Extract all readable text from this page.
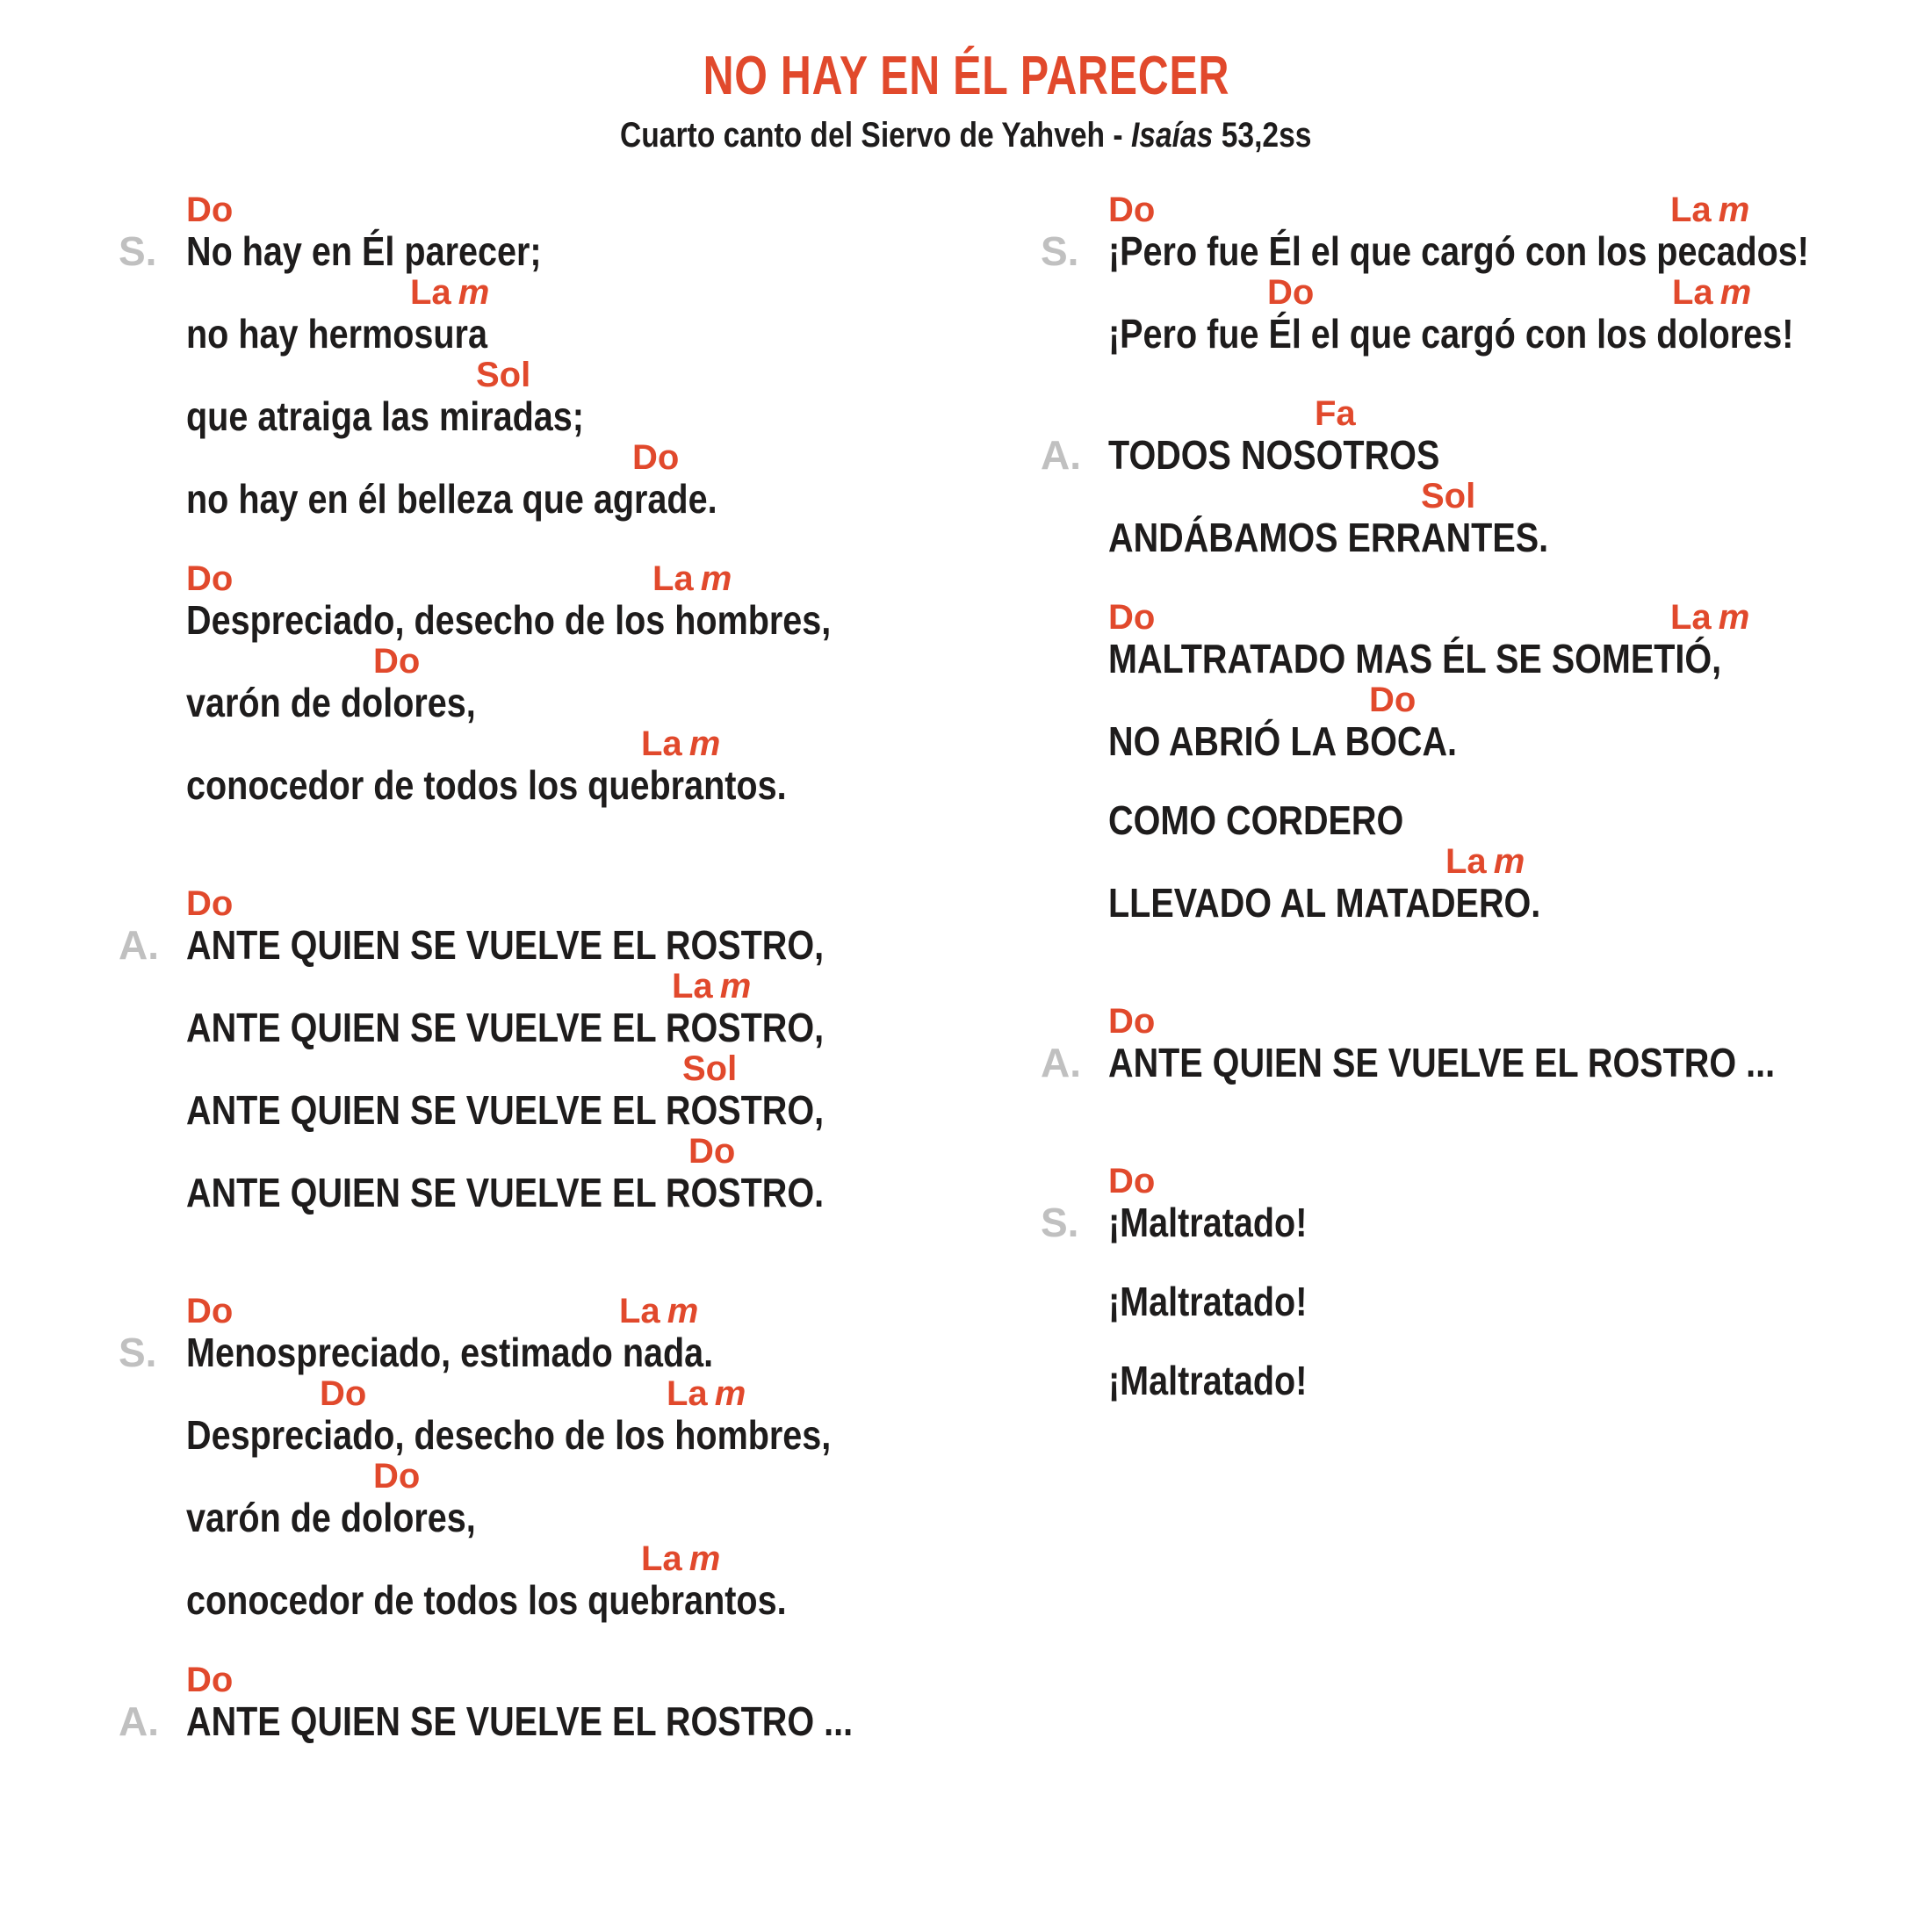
NO HAY EN ÉL PARECER

Cuarto canto del Siervo de Yahveh - Isaías 53,2ss

Do
S. No hay en Él parecer;
La m
no hay hermosura
Sol
que atraiga las miradas;
Do
no hay en él belleza que agrade.
Do	La m
Despreciado, desecho de los hombres,
Do
varón de dolores,
La m
conocedor de todos los quebrantos.
Do
A. ANTE QUIEN SE VUELVE EL ROSTRO,
La m
ANTE QUIEN SE VUELVE EL ROSTRO,
Sol
ANTE QUIEN SE VUELVE EL ROSTRO,
Do
ANTE QUIEN SE VUELVE EL ROSTRO.
Do	La m
S. Menospreciado, estimado nada.
Do	La m
Despreciado, desecho de los hombres,
Do
varón de dolores,
La m
conocedor de todos los quebrantos.
Do
A. ANTE QUIEN SE VUELVE EL ROSTRO ...
Do	La m
S. ¡Pero fue Él el que cargó con los pecados!
Do	La m
¡Pero fue Él el que cargó con los dolores!
Fa
A. TODOS NOSOTROS
Sol
ANDÁBAMOS ERRANTES.
Do	La m
MALTRATADO MAS ÉL SE SOMETIÓ,
Do
NO ABRIÓ LA BOCA.
COMO CORDERO
La m
LLEVADO AL MATADERO.
Do
A. ANTE QUIEN SE VUELVE EL ROSTRO ...
Do
S. ¡Maltratado!
¡Maltratado!
¡Maltratado!
